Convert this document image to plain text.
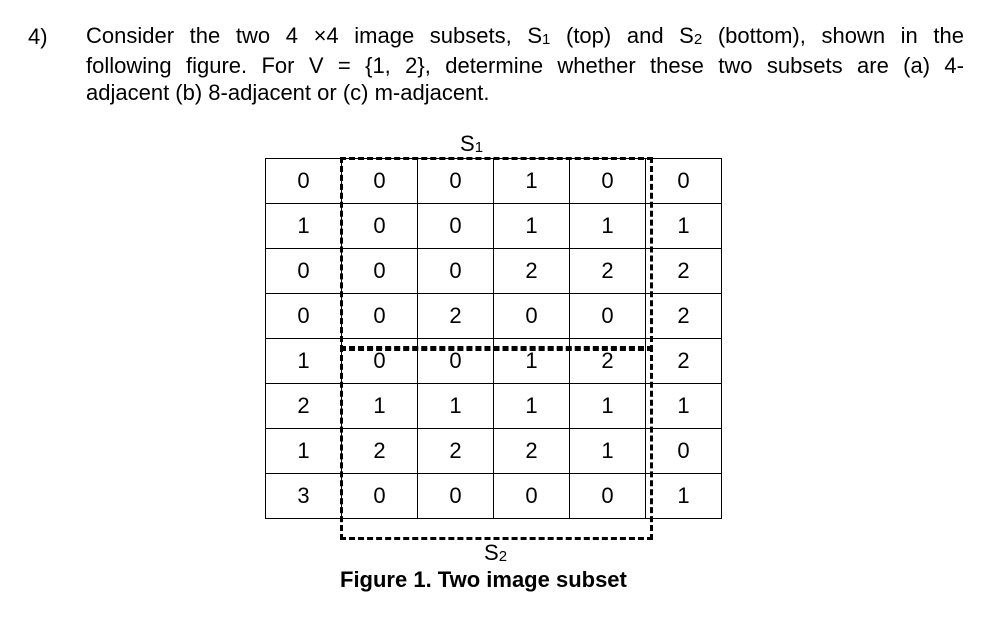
4) Consider the two 4 ×4 image subsets, S1 (top) and S2 (bottom), shown in the
following figure. For V = {1, 2}, determine whether these two subsets are (a) 4-
adjacent (b) 8-adjacent or (c) m-adjacent.
S1
0	0	0	1	0	0
1	0	0	1	1	1
0	0	0	2	2	2
0	0	2	0	0	2
1	0	0	1	2	2
2	1	1	1	1	1
1	2	2	2	1	0
3	0	0	0	0	1
S2
Figure 1. Two image subset
